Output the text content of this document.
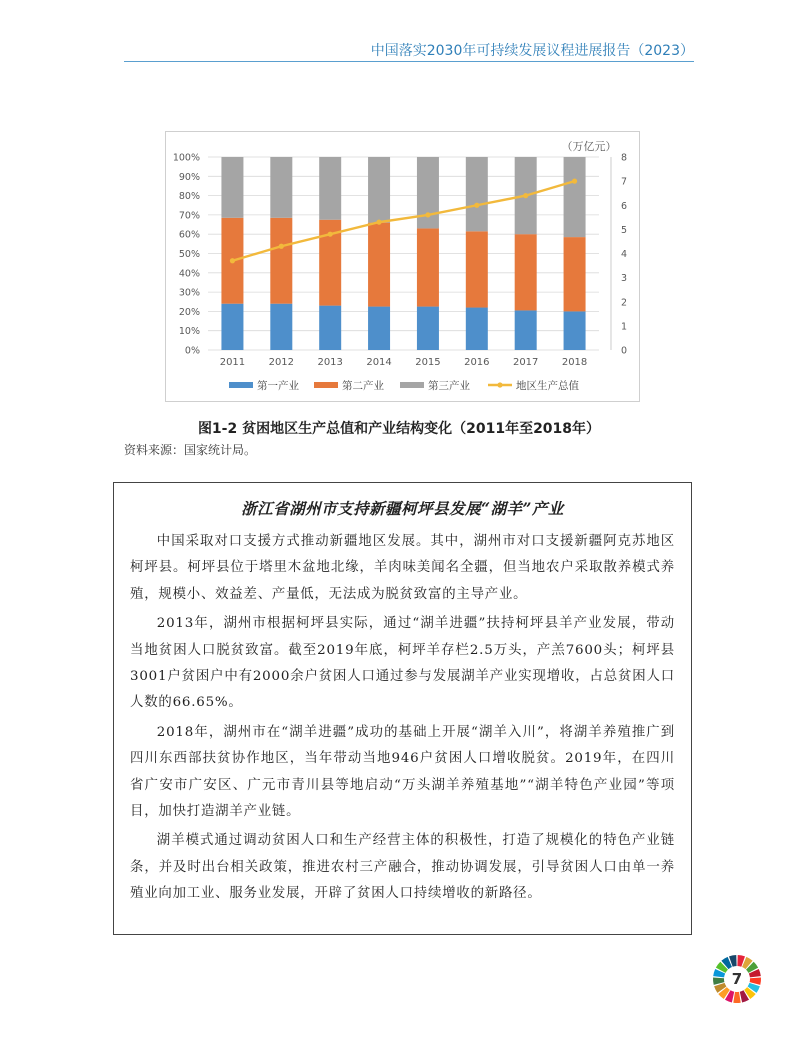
中国落实2030年可持续发展议程进展报告（2023）
0%
10%
20%
30%
40%
50%
60%
70%
80%
90%
100%
0
1
2
3
4
5
6
7
8
（万亿元）
2011 2012 2013 2014 2015 2016 2017 2018
第一产业	第二产业	第三产业	地区生产总值
图1-2 贫困地区生产总值和产业结构变化（2011年至2018年）
资料来源：国家统计局。
浙江省湖州市支持新疆柯坪县发展“湖羊”产业

中国采取对口支援方式推动新疆地区发展。其中，湖州市对口支援新疆阿克苏地区柯坪县。柯坪县位于塔里木盆地北缘，羊肉味美闻名全疆，但当地农户采取散养模式养殖，规模小、效益差、产量低，无法成为脱贫致富的主导产业。

2013年，湖州市根据柯坪县实际，通过“湖羊进疆”扶持柯坪县羊产业发展，带动当地贫困人口脱贫致富。截至2019年底，柯坪羊存栏2.5万头，产羔7600头；柯坪县3001户贫困户中有2000余户贫困人口通过参与发展湖羊产业实现增收，占总贫困人口人数的66.65%。

2018年，湖州市在“湖羊进疆”成功的基础上开展“湖羊入川”，将湖羊养殖推广到四川东西部扶贫协作地区，当年带动当地946户贫困人口增收脱贫。2019年，在四川省广安市广安区、广元市青川县等地启动“万头湖羊养殖基地”“湖羊特色产业园”等项目，加快打造湖羊产业链。

湖羊模式通过调动贫困人口和生产经营主体的积极性，打造了规模化的特色产业链条，并及时出台相关政策，推进农村三产融合，推动协调发展，引导贫困人口由单一养殖业向加工业、服务业发展，开辟了贫困人口持续增收的新路径。

7
